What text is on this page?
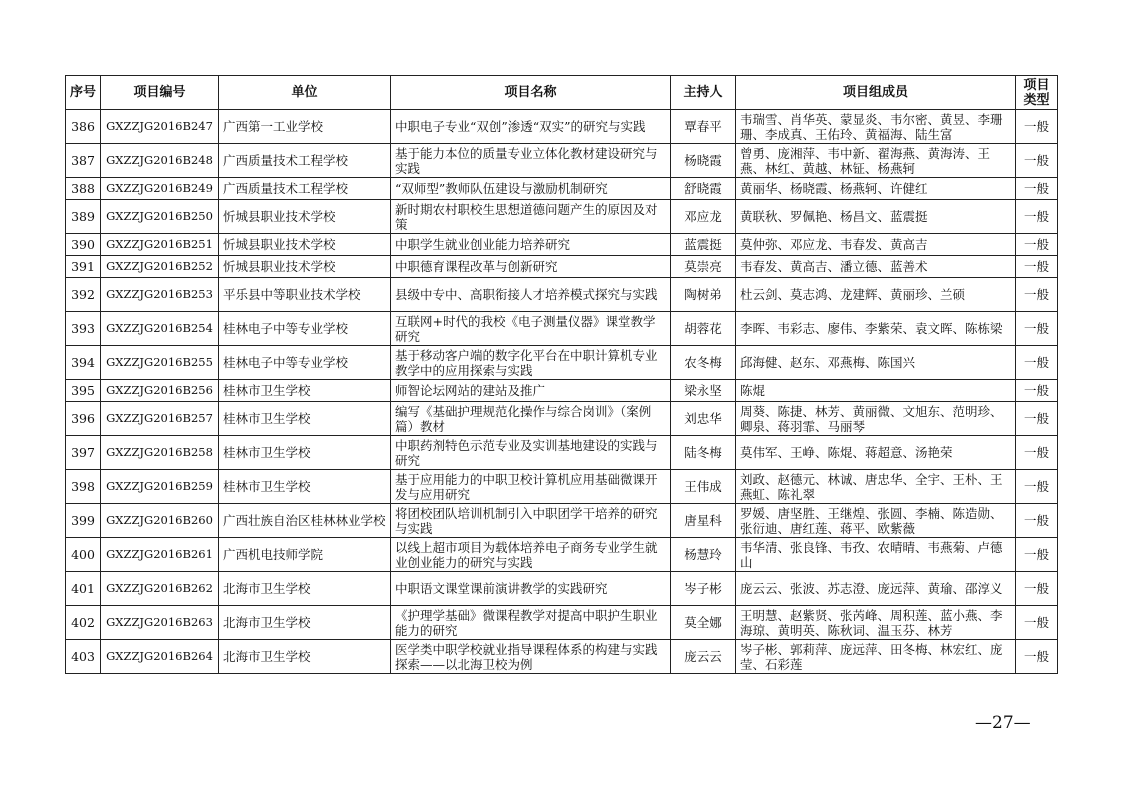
序号	项目编号	单位	项目名称	主持人	项目组成员	项目类型
386	GXZZJG2016B247	广西第一工业学校	中职电子专业“双创”渗透“双实”的研究与实践	覃春平	韦瑞雪、肖华英、蒙显炎、韦尔密、黄昱、李珊珊、李成真、王佑玲、黄福海、陆生富	一般
387	GXZZJG2016B248	广西质量技术工程学校	基于能力本位的质量专业立体化教材建设研究与实践	杨晓霞	曾勇、庞湘萍、韦中新、翟海燕、黄海涛、王燕、林红、黄越、林钲、杨燕轲	一般
388	GXZZJG2016B249	广西质量技术工程学校	“双师型”教师队伍建设与激励机制研究	舒晓霞	黄丽华、杨晓霞、杨燕轲、许健红	一般
389	GXZZJG2016B250	忻城县职业技术学校	新时期农村职校生思想道德问题产生的原因及对策	邓应龙	黄联秋、罗佩艳、杨昌文、蓝震挺	一般
390	GXZZJG2016B251	忻城县职业技术学校	中职学生就业创业能力培养研究	蓝震挺	莫仲弥、邓应龙、韦春发、黄高吉	一般
391	GXZZJG2016B252	忻城县职业技术学校	中职德育课程改革与创新研究	莫崇亮	韦春发、黄高吉、潘立德、蓝善术	一般
392	GXZZJG2016B253	平乐县中等职业技术学校	县级中专中、高职衔接人才培养模式探究与实践	陶树弟	杜云剑、莫志鸿、龙建辉、黄丽珍、兰硕	一般
393	GXZZJG2016B254	桂林电子中等专业学校	互联网+时代的我校《电子测量仪器》课堂教学研究	胡蓉花	李晖、韦彩志、廖伟、李紫荣、袁文晖、陈栋梁	一般
394	GXZZJG2016B255	桂林电子中等专业学校	基于移动客户端的数字化平台在中职计算机专业教学中的应用探索与实践	农冬梅	邱海健、赵东、邓燕梅、陈国兴	一般
395	GXZZJG2016B256	桂林市卫生学校	师智论坛网站的建站及推广	梁永坚	陈焜	一般
396	GXZZJG2016B257	桂林市卫生学校	编写《基础护理规范化操作与综合岗训》（案例篇）教材	刘忠华	周葵、陈捷、林芳、黄丽微、文旭东、范明珍、卿泉、蒋羽霏、马丽琴	一般
397	GXZZJG2016B258	桂林市卫生学校	中职药剂特色示范专业及实训基地建设的实践与研究	陆冬梅	莫伟军、王峥、陈焜、蒋超意、汤艳荣	一般
398	GXZZJG2016B259	桂林市卫生学校	基于应用能力的中职卫校计算机应用基础微课开发与应用研究	王伟成	刘政、赵德元、林诚、唐忠华、全宇、王朴、王燕虹、陈礼翠	一般
399	GXZZJG2016B260	广西壮族自治区桂林林业学校	将团校团队培训机制引入中职团学干培养的研究与实践	唐星科	罗媛、唐坚胜、王继煌、张圆、李楠、陈造勋、张衍迪、唐红莲、蒋平、欧紫薇	一般
400	GXZZJG2016B261	广西机电技师学院	以线上超市项目为载体培养电子商务专业学生就业创业能力的研究与实践	杨慧玲	韦华清、张良锋、韦孜、农晴晴、韦燕菊、卢德山	一般
401	GXZZJG2016B262	北海市卫生学校	中职语文课堂课前演讲教学的实践研究	岑子彬	庞云云、张波、苏志澄、庞远萍、黄瑜、邵淳义	一般
402	GXZZJG2016B263	北海市卫生学校	《护理学基础》微课程教学对提高中职护生职业能力的研究	莫全娜	王明慧、赵紫贤、张芮峰、周积莲、蓝小燕、李海琼、黄明英、陈秋词、温玉芬、林芳	一般
403	GXZZJG2016B264	北海市卫生学校	医学类中职学校就业指导课程体系的构建与实践探索——以北海卫校为例	庞云云	岑子彬、郭莉萍、庞远萍、田冬梅、林宏红、庞莹、石彩莲	一般
—27—
